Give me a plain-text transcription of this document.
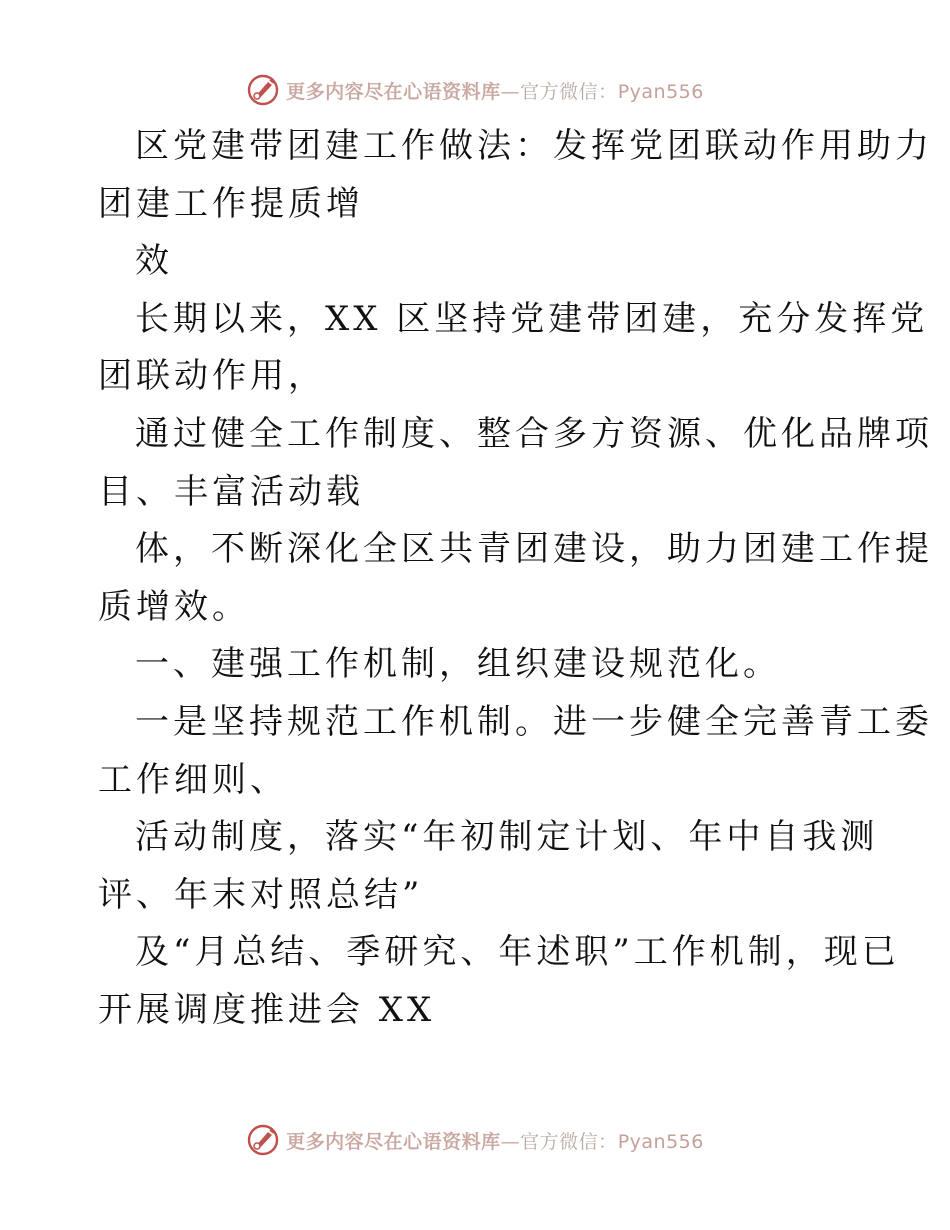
更多内容尽在心语资料库—官方微信：Pyan556
区党建带团建工作做法：发挥党团联动作用助力
团建工作提质增
效
长期以来，XX 区坚持党建带团建，充分发挥党
团联动作用，
通过健全工作制度、整合多方资源、优化品牌项
目、丰富活动载
体，不断深化全区共青团建设，助力团建工作提
质增效。
一、建强工作机制，组织建设规范化。
一是坚持规范工作机制。进一步健全完善青工委
工作细则、
活动制度，落实“年初制定计划、年中自我测
评、年末对照总结”
及“月总结、季研究、年述职”工作机制，现已
开展调度推进会 XX
更多内容尽在心语资料库—官方微信：Pyan556
